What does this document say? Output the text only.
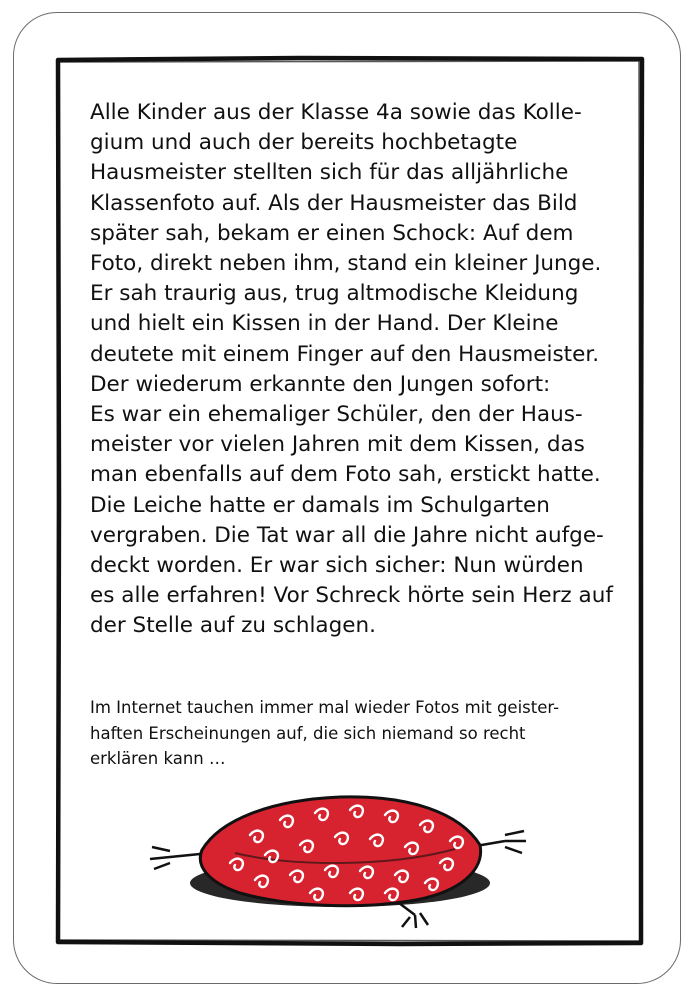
Alle Kinder aus der Klasse 4a sowie das Kolle-
gium und auch der bereits hochbetagte
Hausmeister stellten sich für das alljährliche
Klassenfoto auf. Als der Hausmeister das Bild
später sah, bekam er einen Schock: Auf dem
Foto, direkt neben ihm, stand ein kleiner Junge.
Er sah traurig aus, trug altmodische Kleidung
und hielt ein Kissen in der Hand. Der Kleine
deutete mit einem Finger auf den Hausmeister.
Der wiederum erkannte den Jungen sofort:
Es war ein ehemaliger Schüler, den der Haus-
meister vor vielen Jahren mit dem Kissen, das
man ebenfalls auf dem Foto sah, erstickt hatte.
Die Leiche hatte er damals im Schulgarten
vergraben. Die Tat war all die Jahre nicht aufge-
deckt worden. Er war sich sicher: Nun würden
es alle erfahren! Vor Schreck hörte sein Herz auf
der Stelle auf zu schlagen.
Im Internet tauchen immer mal wieder Fotos mit geister-
haften Erscheinungen auf, die sich niemand so recht
erklären kann …
